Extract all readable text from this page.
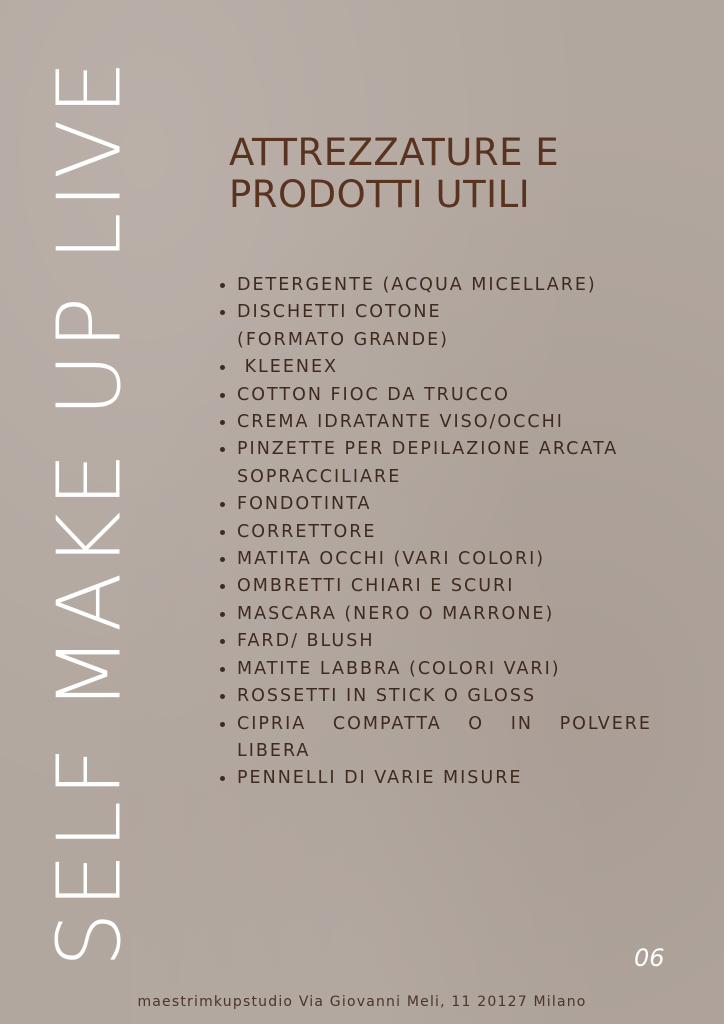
SELF MAKE UP LIVE ATTREZZATURE E
PRODOTTI UTILI
DETERGENTE (ACQUA MICELLARE)
DISCHETTI COTONE
(FORMATO GRANDE)
KLEENEX
COTTON FIOC DA TRUCCO
CREMA IDRATANTE VISO/OCCHI
PINZETTE PER DEPILAZIONE ARCATA
SOPRACCILIARE
FONDOTINTA
CORRETTORE
MATITA OCCHI (VARI COLORI)
OMBRETTI CHIARI E SCURI
MASCARA (NERO O MARRONE)
FARD/ BLUSH
MATITE LABBRA (COLORI VARI)
ROSSETTI IN STICK O GLOSS
CIPRIA COMPATTA O IN POLVERE
LIBERA
PENNELLI DI VARIE MISURE
06
maestrimkupstudio Via Giovanni Meli, 11 20127 Milano
